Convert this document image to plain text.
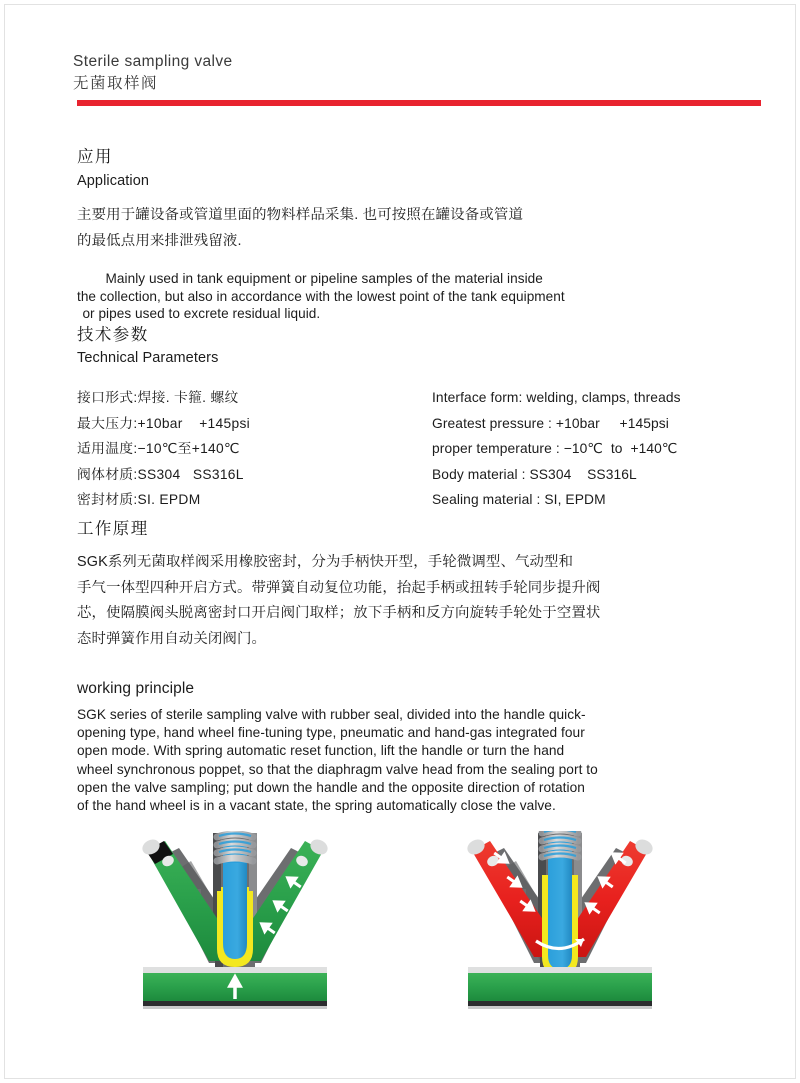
Sterile sampling valve
无菌取样阀
应用
Application
主要用于罐设备或管道里面的物料样品采集. 也可按照在罐设备或管道
的最低点用来排泄残留液.
Mainly used in tank equipment or pipeline samples of the material inside
the collection, but also in accordance with the lowest point of the tank equipment
or pipes used to excrete residual liquid.
技术参数
Technical Parameters
接口形式:焊接. 卡箍. 螺纹	Interface form: welding, clamps, threads
最大压力:+10bar    +145psi	Greatest pressure : +10bar     +145psi
适用温度:−10℃至+140℃	proper temperature : −10℃  to  +140℃
阀体材质:SS304   SS316L	Body material : SS304    SS316L
密封材质:SI. EPDM	Sealing material : SI, EPDM
工作原理
SGK系列无菌取样阀采用橡胶密封，分为手柄快开型，手轮微调型、气动型和
手气一体型四种开启方式。带弹簧自动复位功能，抬起手柄或扭转手轮同步提升阀
芯，使隔膜阀头脱离密封口开启阀门取样；放下手柄和反方向旋转手轮处于空置状
态时弹簧作用自动关闭阀门。
working principle
SGK series of sterile sampling valve with rubber seal, divided into the handle quick-
opening type, hand wheel fine-tuning type, pneumatic and hand-gas integrated four
open mode. With spring automatic reset function, lift the handle or turn the hand
wheel synchronous poppet, so that the diaphragm valve head from the sealing port to
open the valve sampling; put down the handle and the opposite direction of rotation
of the hand wheel is in a vacant state, the spring automatically close the valve.
